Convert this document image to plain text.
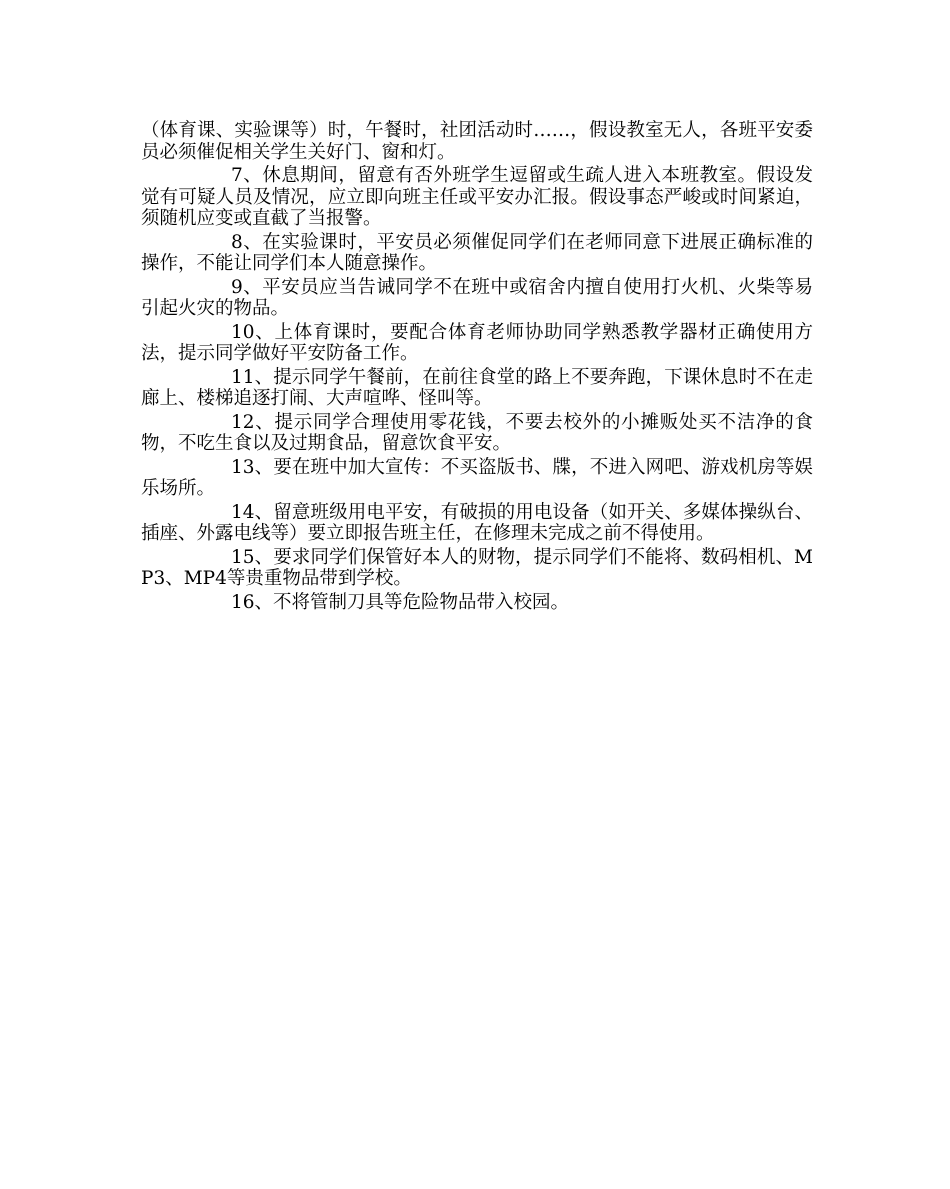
（体育课、实验课等）时，午餐时，社团活动时……，假设教室无人，各班平安委员必须催促相关学生关好门、窗和灯。

7、休息期间，留意有否外班学生逗留或生疏人进入本班教室。假设发觉有可疑人员及情况，应立即向班主任或平安办汇报。假设事态严峻或时间紧迫，须随机应变或直截了当报警。

8、在实验课时，平安员必须催促同学们在老师同意下进展正确标准的操作，不能让同学们本人随意操作。

9、平安员应当告诫同学不在班中或宿舍内擅自使用打火机、火柴等易引起火灾的物品。

10、上体育课时，要配合体育老师协助同学熟悉教学器材正确使用方法，提示同学做好平安防备工作。

11、提示同学午餐前，在前往食堂的路上不要奔跑，下课休息时不在走廊上、楼梯追逐打闹、大声喧哗、怪叫等。

12、提示同学合理使用零花钱，不要去校外的小摊贩处买不洁净的食物，不吃生食以及过期食品，留意饮食平安。

13、要在班中加大宣传：不买盗版书、牒，不进入网吧、游戏机房等娱乐场所。

14、留意班级用电平安，有破损的用电设备（如开关、多媒体操纵台、插座、外露电线等）要立即报告班主任，在修理未完成之前不得使用。

15、要求同学们保管好本人的财物，提示同学们不能将、数码相机、MP3、MP4等贵重物品带到学校。

16、不将管制刀具等危险物品带入校园。
